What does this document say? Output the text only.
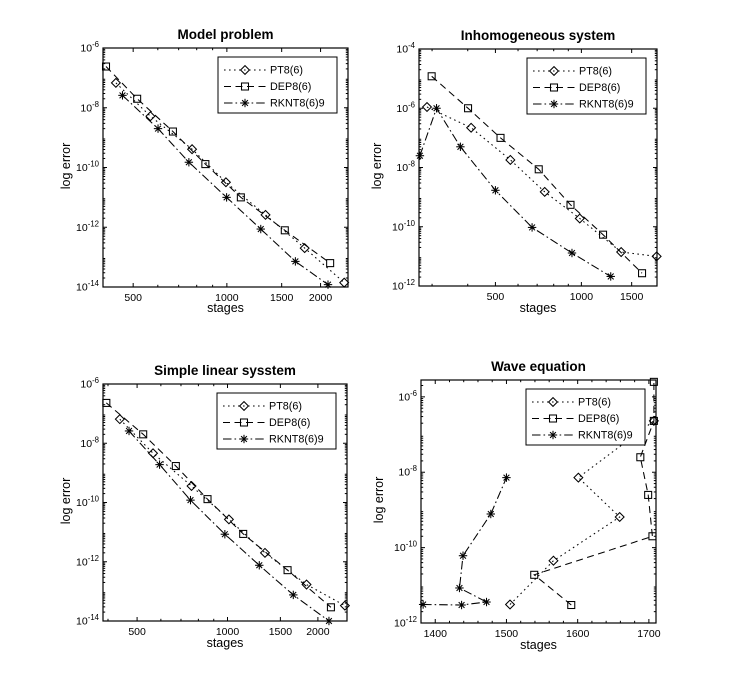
500	1000	1500 2000
$10^{-6}$
$10^{-8}$
$10^{-10}$
$10^{-12}$
$10^{-14}$
PT8(6)
DEP8(6)
RKNT8(6)9
Model problem
stages
log error
500	1000	1500
$10^{-4}$
$10^{-6}$
$10^{-8}$
$10^{-10}$
$10^{-12}$
PT8(6)
DEP8(6)
RKNT8(6)9
Inhomogeneous system
stages
log error
500	1000	1500 2000
$10^{-6}$
$10^{-8}$
$10^{-10}$
$10^{-12}$
$10^{-14}$
PT8(6)
DEP8(6)
RKNT8(6)9
Simple linear sysstem
stages
log error
1400	1500	1600	1700
$10^{-6}$
$10^{-8}$
$10^{-10}$
$10^{-12}$
PT8(6)
DEP8(6)
RKNT8(6)9
Wave equation
stages
log error
